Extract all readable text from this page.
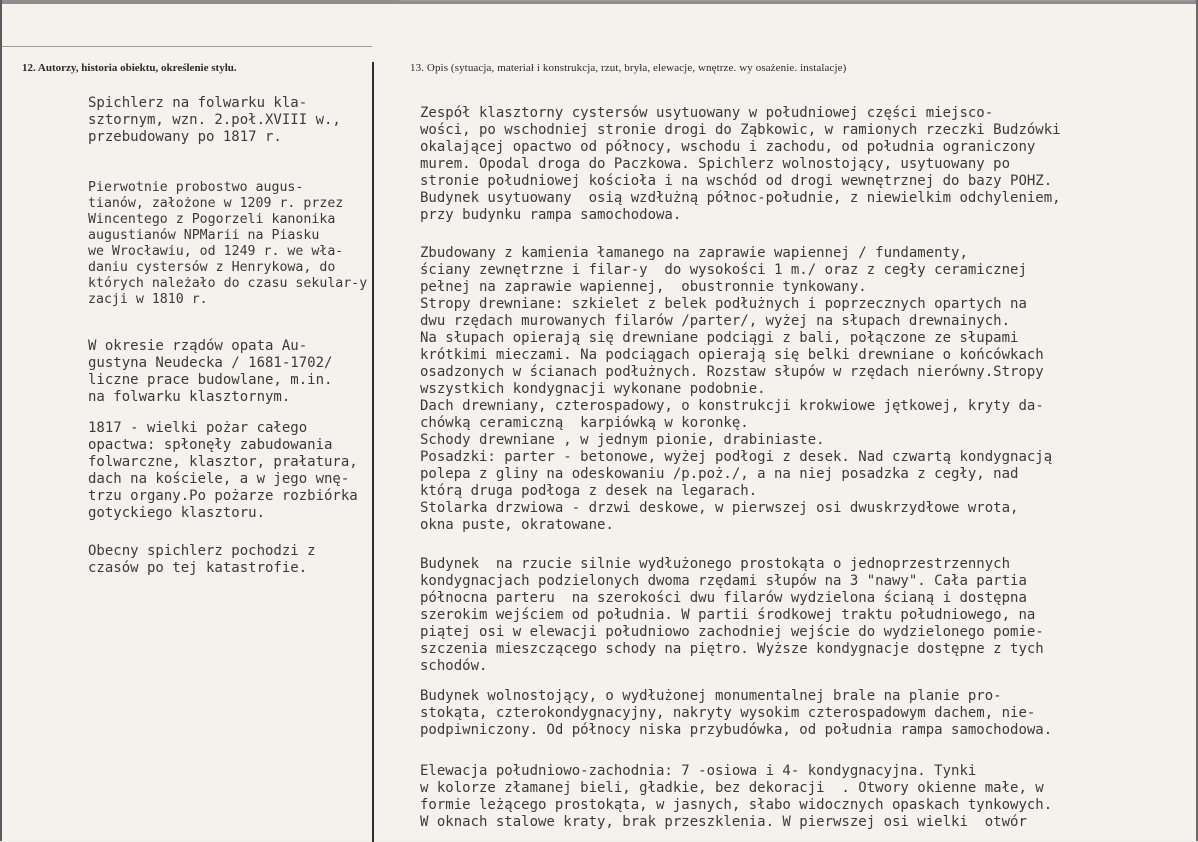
12. Autorzy, historia obiektu, określenie stylu.	13. Opis (sytuacja, materiał i konstrukcja, rzut, bryła, elewacje, wnętrze. wy osażenie. instalacje)

Spichlerz na folwarku kla-
sztornym, wzn. 2.poł.XVIII w.,
przebudowany po 1817 r.

Pierwotnie probostwo augus-
tianów, założone w 1209 r. przez
Wincentego z Pogorzeli kanonika
augustianów NPMarii na Piasku
we Wrocławiu, od 1249 r. we wła-
daniu cystersów z Henrykowa, do
których należało do czasu sekular-y
zacji w 1810 r.

W okresie rządów opata Au-
gustyna Neudecka / 1681-1702/
liczne prace budowlane, m.in.
na folwarku klasztornym.

1817 - wielki pożar całego
opactwa: spłonęły zabudowania
folwarczne, klasztor, prałatura,
dach na kościele, a w jego wnę-
trzu organy.Po pożarze rozbiórka
gotyckiego klasztoru.

Obecny spichlerz pochodzi z
czasów po tej katastrofie.

Zespół klasztorny cystersów usytuowany w południowej części miejsco-
wości, po wschodniej stronie drogi do Ząbkowic, w ramionych rzeczki Budzówki
okalającej opactwo od północy, wschodu i zachodu, od południa ograniczony
murem. Opodal droga do Paczkowa. Spichlerz wolnostojący, usytuowany po
stronie południowej kościoła i na wschód od drogi wewnętrznej do bazy POHZ.
Budynek usytuowany  osią wzdłużną północ-południe, z niewielkim odchyleniem,
przy budynku rampa samochodowa.

Zbudowany z kamienia łamanego na zaprawie wapiennej / fundamenty,
ściany zewnętrzne i filar-y  do wysokości 1 m./ oraz z cegły ceramicznej
pełnej na zaprawie wapiennej,  obustronnie tynkowany.
Stropy drewniane: szkielet z belek podłużnych i poprzecznych opartych na
dwu rzędach murowanych filarów /parter/, wyżej na słupach drewnainych.
Na słupach opierają się drewniane podciągi z bali, połączone ze słupami
krótkimi mieczami. Na podciągach opierają się belki drewniane o końcówkach
osadzonych w ścianach podłużnych. Rozstaw słupów w rzędach nierówny.Stropy
wszystkich kondygnacji wykonane podobnie.
Dach drewniany, czterospadowy, o konstrukcji krokwiowe jętkowej, kryty da-
chówką ceramiczną  karpiówką w koronkę.
Schody drewniane , w jednym pionie, drabiniaste.
Posadzki: parter - betonowe, wyżej podłogi z desek. Nad czwartą kondygnacją
polepa z gliny na odeskowaniu /p.poż./, a na niej posadzka z cegły, nad
którą druga podłoga z desek na legarach.
Stolarka drzwiowa - drzwi deskowe, w pierwszej osi dwuskrzydłowe wrota,
okna puste, okratowane.

Budynek  na rzucie silnie wydłużonego prostokąta o jednoprzestrzennych
kondygnacjach podzielonych dwoma rzędami słupów na 3 "nawy". Cała partia
północna parteru  na szerokości dwu filarów wydzielona ścianą i dostępna
szerokim wejściem od południa. W partii środkowej traktu południowego, na
piątej osi w elewacji południowo zachodniej wejście do wydzielonego pomie-
szczenia mieszczącego schody na piętro. Wyższe kondygnacje dostępne z tych
schodów.

Budynek wolnostojący, o wydłużonej monumentalnej brale na planie pro-
stokąta, czterokondygnacyjny, nakryty wysokim czterospadowym dachem, nie-
podpiwniczony. Od północy niska przybudówka, od południa rampa samochodowa.

Elewacja południowo-zachodnia: 7 -osiowa i 4- kondygnacyjna. Tynki
w kolorze złamanej bieli, gładkie, bez dekoracji  . Otwory okienne małe, w
formie leżącego prostokąta, w jasnych, słabo widocznych opaskach tynkowych.
W oknach stalowe kraty, brak przeszklenia. W pierwszej osi wielki  otwór
